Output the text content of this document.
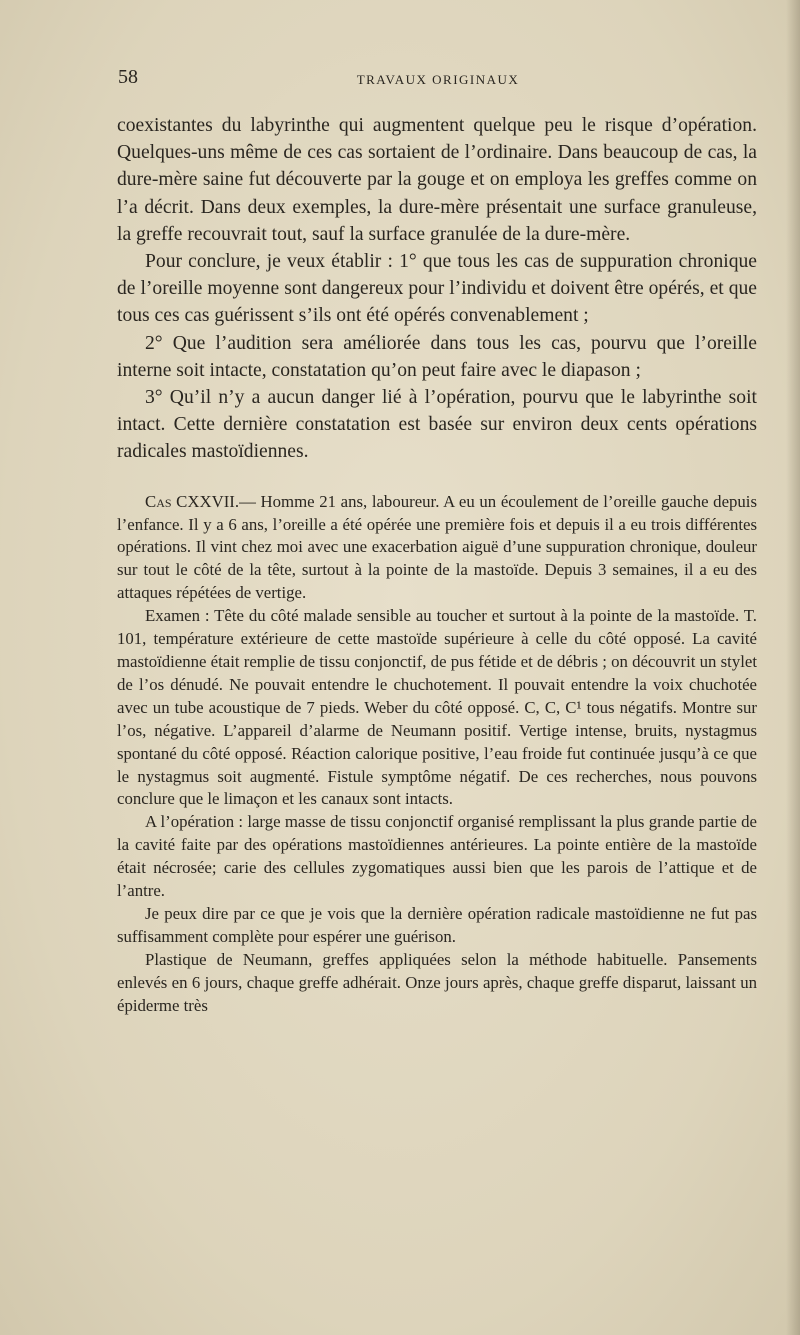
58	TRAVAUX ORIGINAUX

coexistantes du labyrinthe qui augmentent quelque peu le risque d’opération. Quelques-uns même de ces cas sortaient de l’ordinaire. Dans beaucoup de cas, la dure-mère saine fut découverte par la gouge et on employa les greffes comme on l’a décrit. Dans deux exemples, la dure-mère présentait une surface granuleuse, la greffe recouvrait tout, sauf la surface granulée de la dure-mère.

Pour conclure, je veux établir : 1° que tous les cas de suppuration chronique de l’oreille moyenne sont dangereux pour l’individu et doivent être opérés, et que tous ces cas guérissent s’ils ont été opérés convenablement ;

2° Que l’audition sera améliorée dans tous les cas, pourvu que l’oreille interne soit intacte, constatation qu’on peut faire avec le diapason ;

3° Qu’il n’y a aucun danger lié à l’opération, pourvu que le labyrinthe soit intact. Cette dernière constatation est basée sur environ deux cents opérations radicales mastoïdiennes.

Cas CXXVII.— Homme 21 ans, laboureur. A eu un écoulement de l’oreille gauche depuis l’enfance. Il y a 6 ans, l’oreille a été opérée une première fois et depuis il a eu trois différentes opérations. Il vint chez moi avec une exacerbation aiguë d’une suppuration chronique, douleur sur tout le côté de la tête, surtout à la pointe de la mastoïde. Depuis 3 semaines, il a eu des attaques répétées de vertige.

Examen : Tête du côté malade sensible au toucher et surtout à la pointe de la mastoïde. T. 101, température extérieure de cette mastoïde supérieure à celle du côté opposé. La cavité mastoïdienne était remplie de tissu conjonctif, de pus fétide et de débris ; on découvrit un stylet de l’os dénudé. Ne pouvait entendre le chuchotement. Il pouvait entendre la voix chuchotée avec un tube acoustique de 7 pieds. Weber du côté opposé. C, C, C¹ tous négatifs. Montre sur l’os, négative. L’appareil d’alarme de Neumann positif. Vertige intense, bruits, nystagmus spontané du côté opposé. Réaction calorique positive, l’eau froide fut continuée jusqu’à ce que le nystagmus soit augmenté. Fistule symptôme négatif. De ces recherches, nous pouvons conclure que le limaçon et les canaux sont intacts.

A l’opération : large masse de tissu conjonctif organisé remplissant la plus grande partie de la cavité faite par des opérations mastoïdiennes antérieures. La pointe entière de la mastoïde était nécrosée; carie des cellules zygomatiques aussi bien que les parois de l’attique et de l’antre.

Je peux dire par ce que je vois que la dernière opération radicale mastoïdienne ne fut pas suffisamment complète pour espérer une guérison.

Plastique de Neumann, greffes appliquées selon la méthode habituelle. Pansements enlevés en 6 jours, chaque greffe adhérait. Onze jours après, chaque greffe disparut, laissant un épiderme très
